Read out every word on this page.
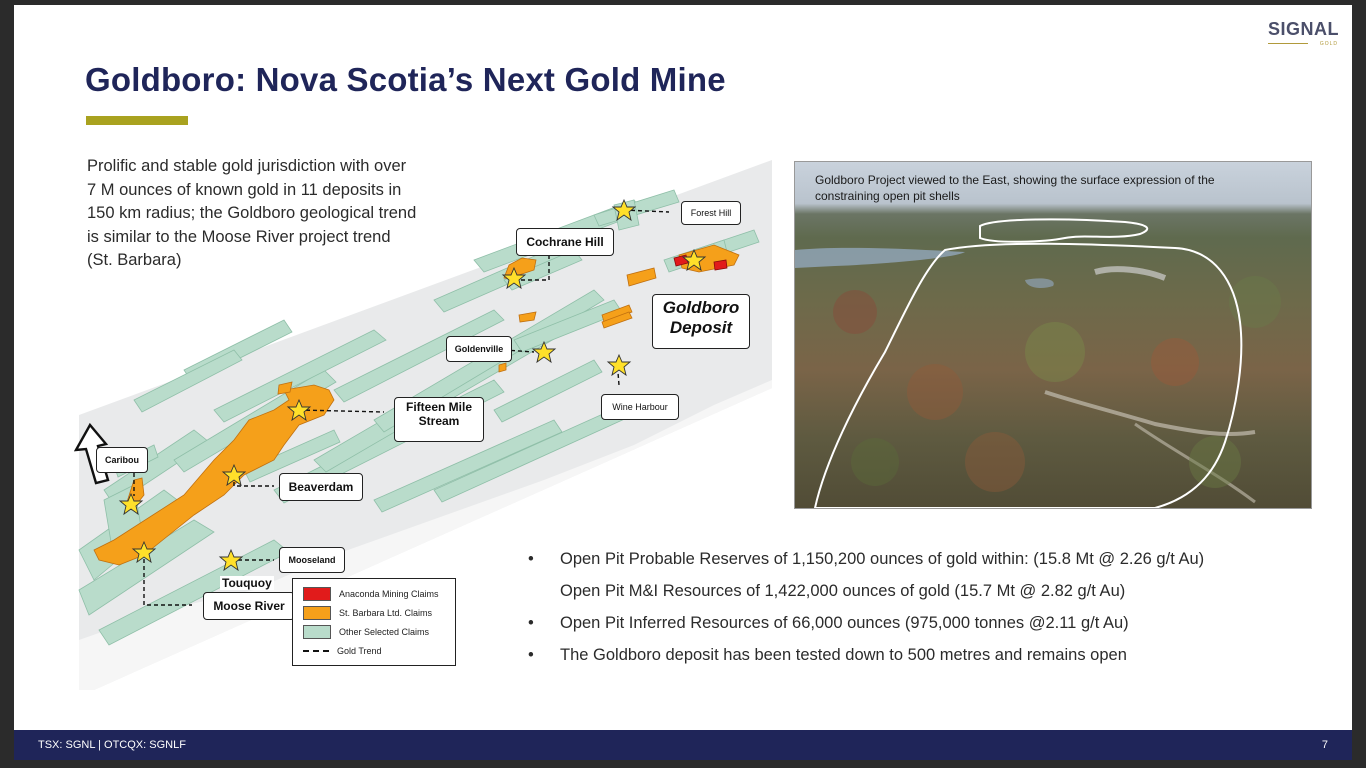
SIGNAL
GOLD
Goldboro: Nova Scotia’s Next Gold Mine
Prolific and stable gold jurisdiction with over 7 M ounces of known gold in 11 deposits in 150 km radius; the Goldboro geological trend is similar to the Moose River project trend (St. Barbara)
Forest Hill
Cochrane Hill
Goldboro
Deposit
Goldenville
Wine Harbour
Fifteen Mile
Stream
Caribou
Beaverdam
Mooseland
Touquoy
Moose River
Anaconda Mining Claims
St. Barbara Ltd. Claims
Other Selected Claims
Gold Trend
Goldboro Project viewed to the East, showing the surface expression of the constraining open pit shells
•	Open Pit Probable Reserves of 1,150,200 ounces of gold within: (15.8 Mt @ 2.26 g/t Au)
Open Pit M&I Resources of 1,422,000 ounces of gold (15.7 Mt @ 2.82 g/t Au)
•	Open Pit Inferred Resources of 66,000 ounces (975,000 tonnes @2.11 g/t Au)
•	The Goldboro deposit has been tested down to 500 metres and remains open
TSX: SGNL | OTCQX: SGNLF	7
